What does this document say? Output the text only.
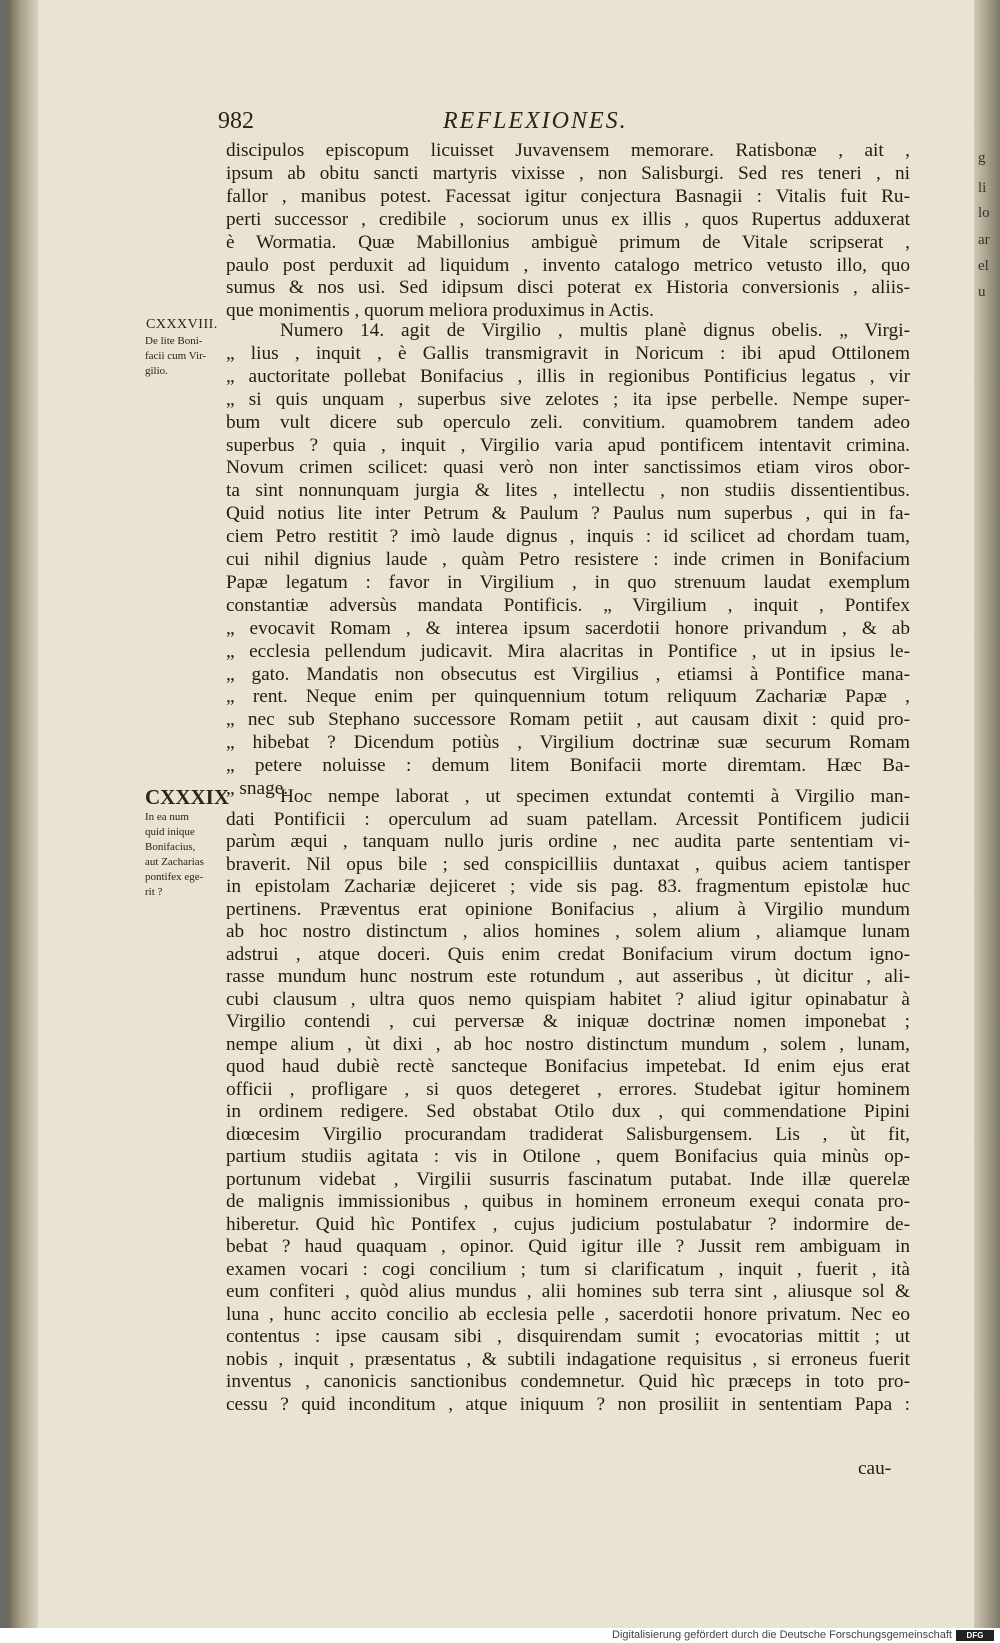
982	REFLEXIONES.
discipulos episcopum licuisset Juvavensem memorare. Ratisbonæ , ait ,
ipsum ab obitu sancti martyris vixisse , non Salisburgi. Sed res teneri , ni
fallor , manibus potest. Facessat igitur conjectura Basnagii : Vitalis fuit Ru-
perti successor , credibile , sociorum unus ex illis , quos Rupertus adduxerat
è Wormatia. Quæ Mabillonius ambiguè primum de Vitale scripserat ,
paulo post perduxit ad liquidum , invento catalogo metrico vetusto illo, quo
sumus & nos usi. Sed idipsum disci poterat ex Historia conversionis , aliis-
que monimentis , quorum meliora produximus in Actis.
Numero 14. agit de Virgilio , multis planè dignus obelis. „ Virgi-
„ lius , inquit , è Gallis transmigravit in Noricum : ibi apud Ottilonem
„ auctoritate pollebat Bonifacius , illis in regionibus Pontificius legatus , vir
„ si quis unquam , superbus sive zelotes ; ita ipse perbelle. Nempe super-
bum vult dicere sub operculo zeli. convitium. quamobrem tandem adeo
superbus ? quia , inquit , Virgilio varia apud pontificem intentavit crimina.
Novum crimen scilicet: quasi verò non inter sanctissimos etiam viros obor-
ta sint nonnunquam jurgia & lites , intellectu , non studiis dissentientibus.
Quid notius lite inter Petrum & Paulum ? Paulus num superbus , qui in fa-
ciem Petro restitit ? imò laude dignus , inquis : id scilicet ad chordam tuam,
cui nihil dignius laude , quàm Petro resistere : inde crimen in Bonifacium
Papæ legatum : favor in Virgilium , in quo strenuum laudat exemplum
constantiæ adversùs mandata Pontificis. „ Virgilium , inquit , Pontifex
„ evocavit Romam , & interea ipsum sacerdotii honore privandum , & ab
„ ecclesia pellendum judicavit. Mira alacritas in Pontifice , ut in ipsius le-
„ gato. Mandatis non obsecutus est Virgilius , etiamsi à Pontifice mana-
„ rent. Neque enim per quinquennium totum reliquum Zachariæ Papæ ,
„ nec sub Stephano successore Romam petiit , aut causam dixit : quid pro-
„ hibebat ? Dicendum potiùs , Virgilium doctrinæ suæ securum Romam
„ petere noluisse : demum litem Bonifacii morte diremtam. Hæc Ba-
„ snage.
Hoc nempe laborat , ut specimen extundat contemti à Virgilio man-
dati Pontificii : operculum ad suam patellam. Arcessit Pontificem judicii
parùm æqui , tanquam nullo juris ordine , nec audita parte sententiam vi-
braverit. Nil opus bile ; sed conspicilliis duntaxat , quibus aciem tantisper
in epistolam Zachariæ dejiceret ; vide sis pag. 83. fragmentum epistolæ huc
pertinens. Præventus erat opinione Bonifacius , alium à Virgilio mundum
ab hoc nostro distinctum , alios homines , solem alium , aliamque lunam
adstrui , atque doceri. Quis enim credat Bonifacium virum doctum igno-
rasse mundum hunc nostrum este rotundum , aut asseribus , ùt dicitur , ali-
cubi clausum , ultra quos nemo quispiam habitet ? aliud igitur opinabatur à
Virgilio contendi , cui perversæ & iniquæ doctrinæ nomen imponebat ;
nempe alium , ùt dixi , ab hoc nostro distinctum mundum , solem , lunam,
quod haud dubiè rectè sancteque Bonifacius impetebat. Id enim ejus erat
officii , profligare , si quos detegeret , errores. Studebat igitur hominem
in ordinem redigere. Sed obstabat Otilo dux , qui commendatione Pipini
diœcesim Virgilio procurandam tradiderat Salisburgensem. Lis , ùt fit,
partium studiis agitata : vis in Otilone , quem Bonifacius quia minùs op-
portunum videbat , Virgilii susurris fascinatum putabat. Inde illæ querelæ
de malignis immissionibus , quibus in hominem erroneum exequi conata pro-
hiberetur. Quid hìc Pontifex , cujus judicium postulabatur ? indormire de-
bebat ? haud quaquam , opinor. Quid igitur ille ? Jussit rem ambiguam in
examen vocari : cogi concilium ; tum si clarificatum , inquit , fuerit , ità
eum confiteri , quòd alius mundus , alii homines sub terra sint , aliusque sol &
luna , hunc accito concilio ab ecclesia pelle , sacerdotii honore privatum. Nec eo
contentus : ipse causam sibi , disquirendam sumit ; evocatorias mittit ; ut
nobis , inquit , præsentatus , & subtili indagatione requisitus , si erroneus fuerit
inventus , canonicis sanctionibus condemnetur. Quid hìc præceps in toto pro-
cessu ? quid inconditum , atque iniquum ? non prosiliit in sententiam Papa :
CXXXVIII.
De lite Boni-
facii cum Vir-
gilio.
CXXXIX
In ea num
quid inique
Bonifacius,
aut Zacharias
pontifex ege-
rit ?
cau-
g
li
lo
ar
el
u
Digitalisierung gefördert durch die Deutsche Forschungsgemeinschaft	DFG
